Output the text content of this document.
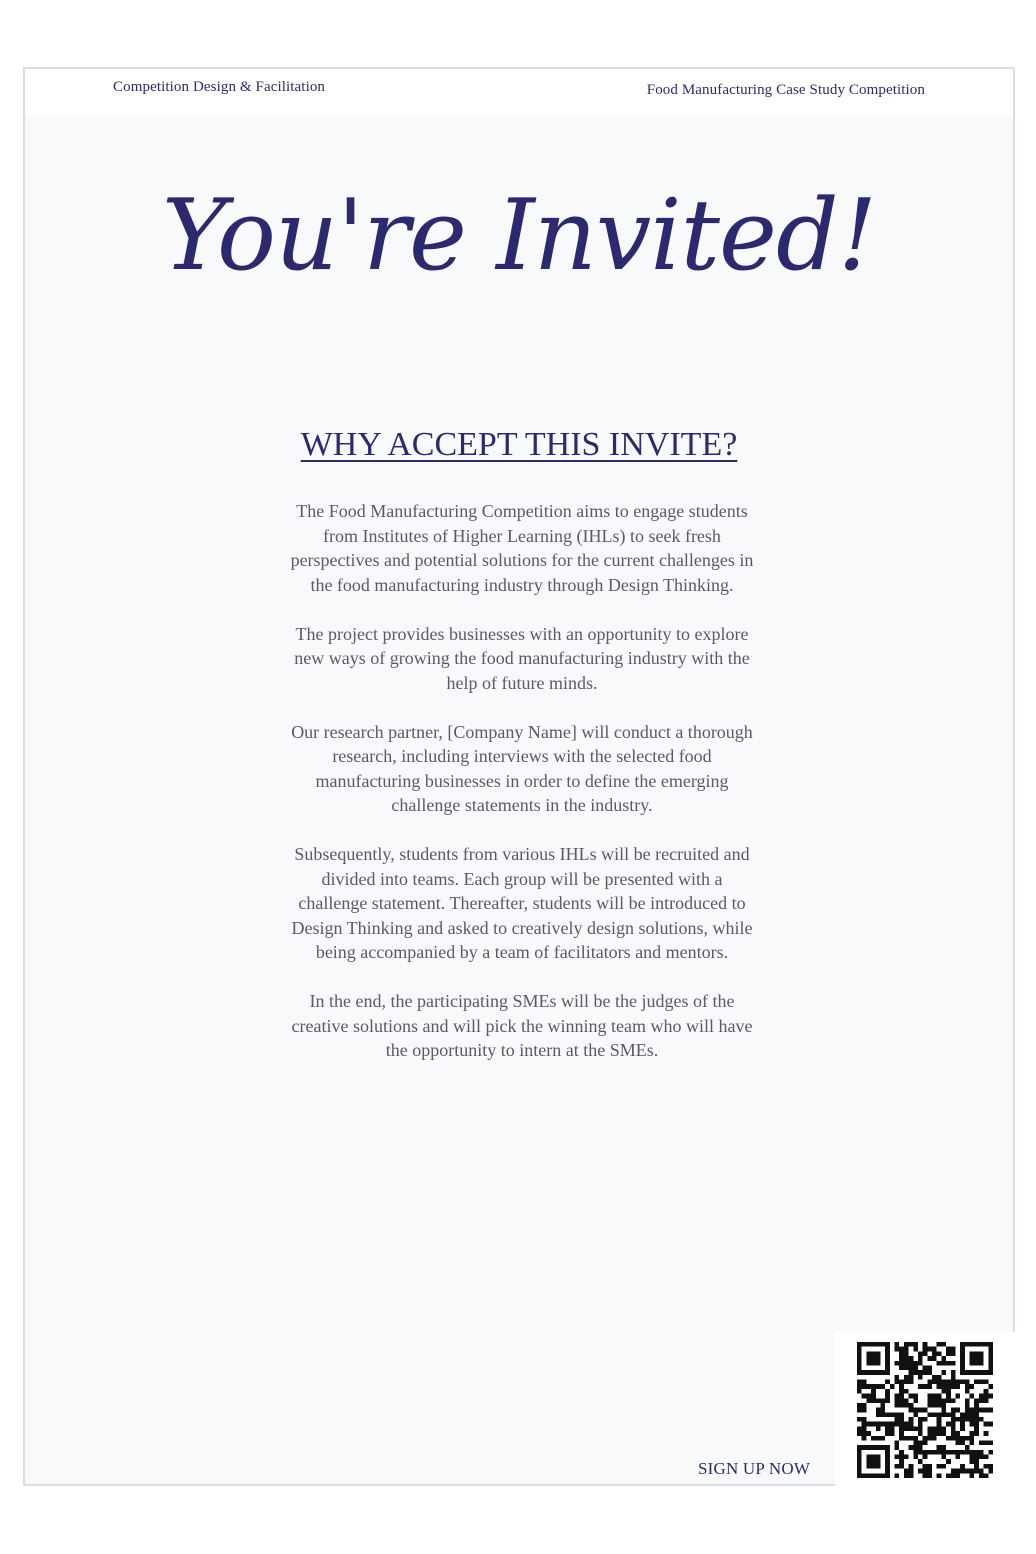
Competition Design & Facilitation	Food Manufacturing Case Study Competition
You're Invited!
WHY ACCEPT THIS INVITE?

The Food Manufacturing Competition aims to engage students from Institutes of Higher Learning (IHLs) to seek fresh perspectives and potential solutions for the current challenges in the food manufacturing industry through Design Thinking.

The project provides businesses with an opportunity to explore new ways of growing the food manufacturing industry with the help of future minds.

Our research partner, [Company Name] will conduct a thorough research, including interviews with the selected food manufacturing businesses in order to define the emerging challenge statements in the industry.

Subsequently, students from various IHLs will be recruited and divided into teams. Each group will be presented with a challenge statement. Thereafter, students will be introduced to Design Thinking and asked to creatively design solutions, while being accompanied by a team of facilitators and mentors.

In the end, the participating SMEs will be the judges of the creative solutions and will pick the winning team who will have the opportunity to intern at the SMEs.

SIGN UP NOW
